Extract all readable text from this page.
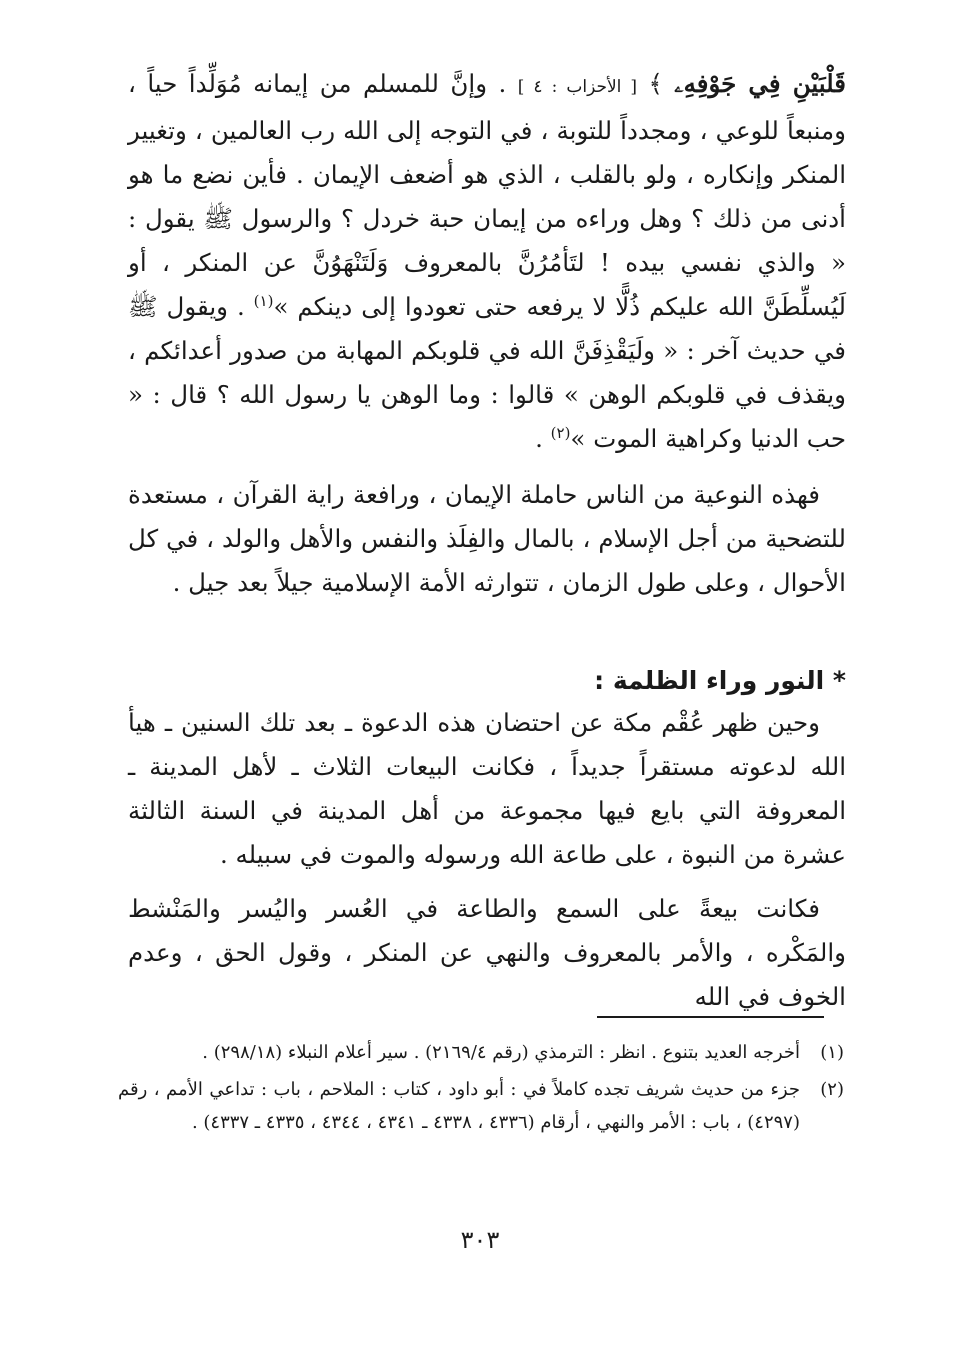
قَلْبَيْنِ فِي جَوْفِهِۦ ﴾ [ الأحزاب : ٤ ] . وإنَّ للمسلم من إيمانه مُوَلِّداً حياً ، ومنبعاً للوعي ، ومجدداً للتوبة ، في التوجه إلى الله رب العالمين ، وتغيير المنكر وإنكاره ، ولو بالقلب ، الذي هو أضعف الإيمان . فأين نضع ما هو أدنى من ذلك ؟ وهل وراءه من إيمان حبة خردل ؟ والرسول ﷺ يقول : « والذي نفسي بيده ! لتَأمُرُنَّ بالمعروف وَلَتَنْهَوُنَّ عن المنكر ، أو لَيُسلِّطَنَّ الله عليكم ذُلًّا لا يرفعه حتى تعودوا إلى دينكم »$^{(١)}$ . ويقول ﷺ في حديث آخر : « ولَيَقْذِفَنَّ الله في قلوبكم المهابة من صدور أعدائكم ، ويقذف في قلوبكم الوهن » قالوا : وما الوهن يا رسول الله ؟ قال : « حب الدنيا وكراهية الموت »$^{(٢)}$ .

فهذه النوعية من الناس حاملة الإيمان ، ورافعة راية القرآن ، مستعدة للتضحية من أجل الإسلام ، بالمال والفِلَذ والنفس والأهل والولد ، في كل الأحوال ، وعلى طول الزمان ، تتوارثه الأمة الإسلامية جيلاً بعد جيل .

* النور وراء الظلمة :

وحين ظهر عُقْم مكة عن احتضان هذه الدعوة ـ بعد تلك السنين ـ هيأ الله لدعوته مستقراً جديداً ، فكانت البيعات الثلاث ـ لأهل المدينة ـ المعروفة التي بايع فيها مجموعة من أهل المدينة في السنة الثالثة عشرة من النبوة ، على طاعة الله ورسوله والموت في سبيله .

فكانت بيعةً على السمع والطاعة في العُسر واليُسر والمَنْشط والمَكْره ، والأمر بالمعروف والنهي عن المنكر ، وقول الحق ، وعدم الخوف في الله

(١)
أخرجه العديد بتنوع . انظر : الترمذي (رقم ٢١٦٩/٤) . سير أعلام النبلاء (٢٩٨/١٨) .
(٢)
جزء من حديث شريف تجده كاملاً في : أبو داود ، كتاب : الملاحم ، باب : تداعي الأمم ، رقم (٤٢٩٧) ، باب : الأمر والنهي ، أرقام (٤٣٣٦ ، ٤٣٣٨ ـ ٤٣٤١ ، ٤٣٤٤ ، ٤٣٣٥ ـ ٤٣٣٧) .
٣٠٣
